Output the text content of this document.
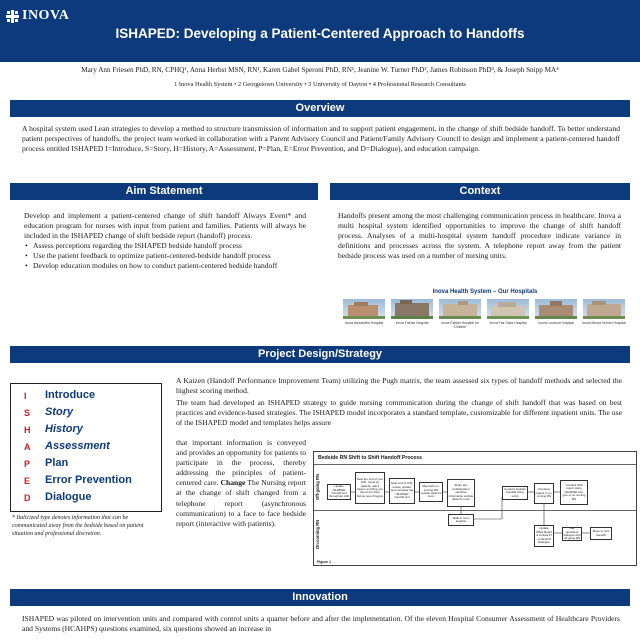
INOVA
ISHAPED: Developing a Patient-Centered Approach to Handoffs
Mary Ann Friesen PhD, RN, CPHQ¹, Anna Herbst MSN, RN¹, Karen Gabel Speroni PhD, RN¹, Jeanine W. Turner PhD², James Robinson PhD³, & Joseph Snipp MA⁴
1 Inova Health System • 2 Georgetown University • 3 University of Dayton • 4 Professional Research Consultants
Overview
A hospital system used Lean strategies to develop a method to structure transmission of information and to support patient engagement, in the change of shift bedside handoff. To better understand patient perspectives of handoffs, the project team worked in collaboration with a Parent Advisory Council and Patient/Family Advisory Council to design and implement a patient-centered handoff process entitled ISHAPED I=Introduce, S=Story, H=History, A=Assessment, P=Plan, E=Error Prevention, and D=Dialogue), and education campaign.
Aim Statement
Develop and implement a patient-centered change of shift handoff Always Event* and education program for nurses with input from patient and families. Patients will always be included in the ISHAPED change of shift bedside report (handoff) process.
• Assess perceptions regarding the ISHAPED bedside handoff process
• Use the patient feedback to optimize patient-centered-bedside handoff process
• Develop education modules on how to conduct patient-centered bedside handoff
Context
Handoffs present among the most challenging communication process in healthcare. Inova a multi hospital system identified opportunities to improve the change of shift handoff process. Analyses of a multi-hospital system handoff procedure indicate variance in definitions and processes across the system. A telephone report away from the patient bedside process was used on a number of nursing units.
Inova Health System – Our Hospitals
Inova Alexandria Hospital	Inova Fairfax Hospital	Inova Fairfax Hospital for Children
Inova Fair Oaks Hospital	Inova Loudoun Hospital	Inova Mount Vernon Hospital
Project Design/Strategy
I	Introduce
S	Story
H	History
A	Assessment
P	Plan
E	Error Prevention
D	Dialogue
* Italicized type denotes information that can be communicated away from the bedside based on patient situation and professional discretion.
A Kaizen (Handoff Performance Improvement Team) utilizing the Pugh matrix, the team assessed six types of handoff methods and selected the highest scoring method.
The team had developed an ISHAPED strategy to guide nursing communication during the change of shift handoff that was based on best practices and evidence-based strategies. The ISHAPED model incorporates a standard template, customizable for different inpatient units. The use of the ISHAPED model and templates helps assure
that important information is conveyed and provides an opportunity for patients to participate in the process, thereby addressing the principles of patient-centered care. Change The Nursing report at the change of shift changed from a telephone report (asynchronous communication) to a face to face bedside report (interactive with patients).
Bedside RN Shift to Shift Handoff Process
Off-going RN
On-coming RN
Update ISHAPED handoff tool throughout shift
Near the end of your shift, round on patients, ask if there's anything you can do for them before report begins
Near end of shift, review, update, and complete the ISHAPED handoff tool
Meet with on-coming RN outside patient's room
Share any confidential or sensitive information outside patient's room
Conduct bedside handoff using script
Introduce patient to on-coming RN
Conduct shift report using ISHAPED tool, give to on-coming RN
Walk in room together
Update White Board & include Pt in Handoff Dialogue
Ask questions dialogue with off-going RN
Move to next handoff
Figure 1
Innovation
ISHAPED was piloted on intervention units and compared with control units a quarter before and after the implementation. Of the eleven Hospital Consumer Assessment of Healthcare Providers and Systems (HCAHPS) questions examined, six questions showed an increase in
